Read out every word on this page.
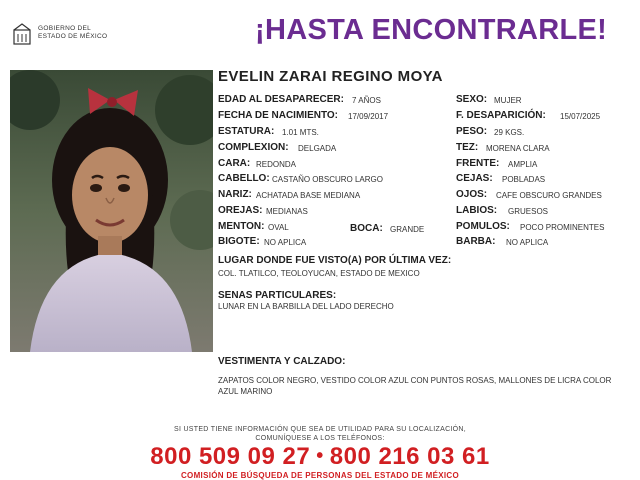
GOBIERNO DEL
ESTADO DE MÉXICO	¡HASTA ENCONTRARLE!
EVELIN ZARAI REGINO MOYA
EDAD AL DESAPARECER: 7 AÑOS
FECHA DE NACIMIENTO: 17/09/2017
ESTATURA: 1.01 MTS.
COMPLEXION: DELGADA
CARA: REDONDA
CABELLO: CASTAÑO OBSCURO LARGO
NARIZ: ACHATADA BASE MEDIANA
OREJAS: MEDIANAS
MENTON: OVAL	BOCA: GRANDE
BIGOTE: NO APLICA
SEXO: MUJER
F. DESAPARICIÓN: 15/07/2025
PESO: 29 KGS.
TEZ: MORENA CLARA
FRENTE: AMPLIA
CEJAS: POBLADAS
OJOS: CAFE OBSCURO GRANDES
LABIOS: GRUESOS
POMULOS: POCO PROMINENTES
BARBA: NO APLICA
LUGAR DONDE FUE VISTO(A) POR ÚLTIMA VEZ:
COL. TLATILCO, TEOLOYUCAN, ESTADO DE MEXICO
SENAS PARTICULARES:
LUNAR EN LA BARBILLA DEL LADO DERECHO
VESTIMENTA Y CALZADO:
ZAPATOS COLOR NEGRO, VESTIDO COLOR AZUL CON PUNTOS ROSAS, MALLONES DE LICRA COLOR AZUL MARINO
SI USTED TIENE INFORMACIÓN QUE SEA DE UTILIDAD PARA SU LOCALIZACIÓN,
COMUNÍQUESE A LOS TELÉFONOS:
800 509 09 27 • 800 216 03 61
COMISIÓN DE BÚSQUEDA DE PERSONAS DEL ESTADO DE MÉXICO
